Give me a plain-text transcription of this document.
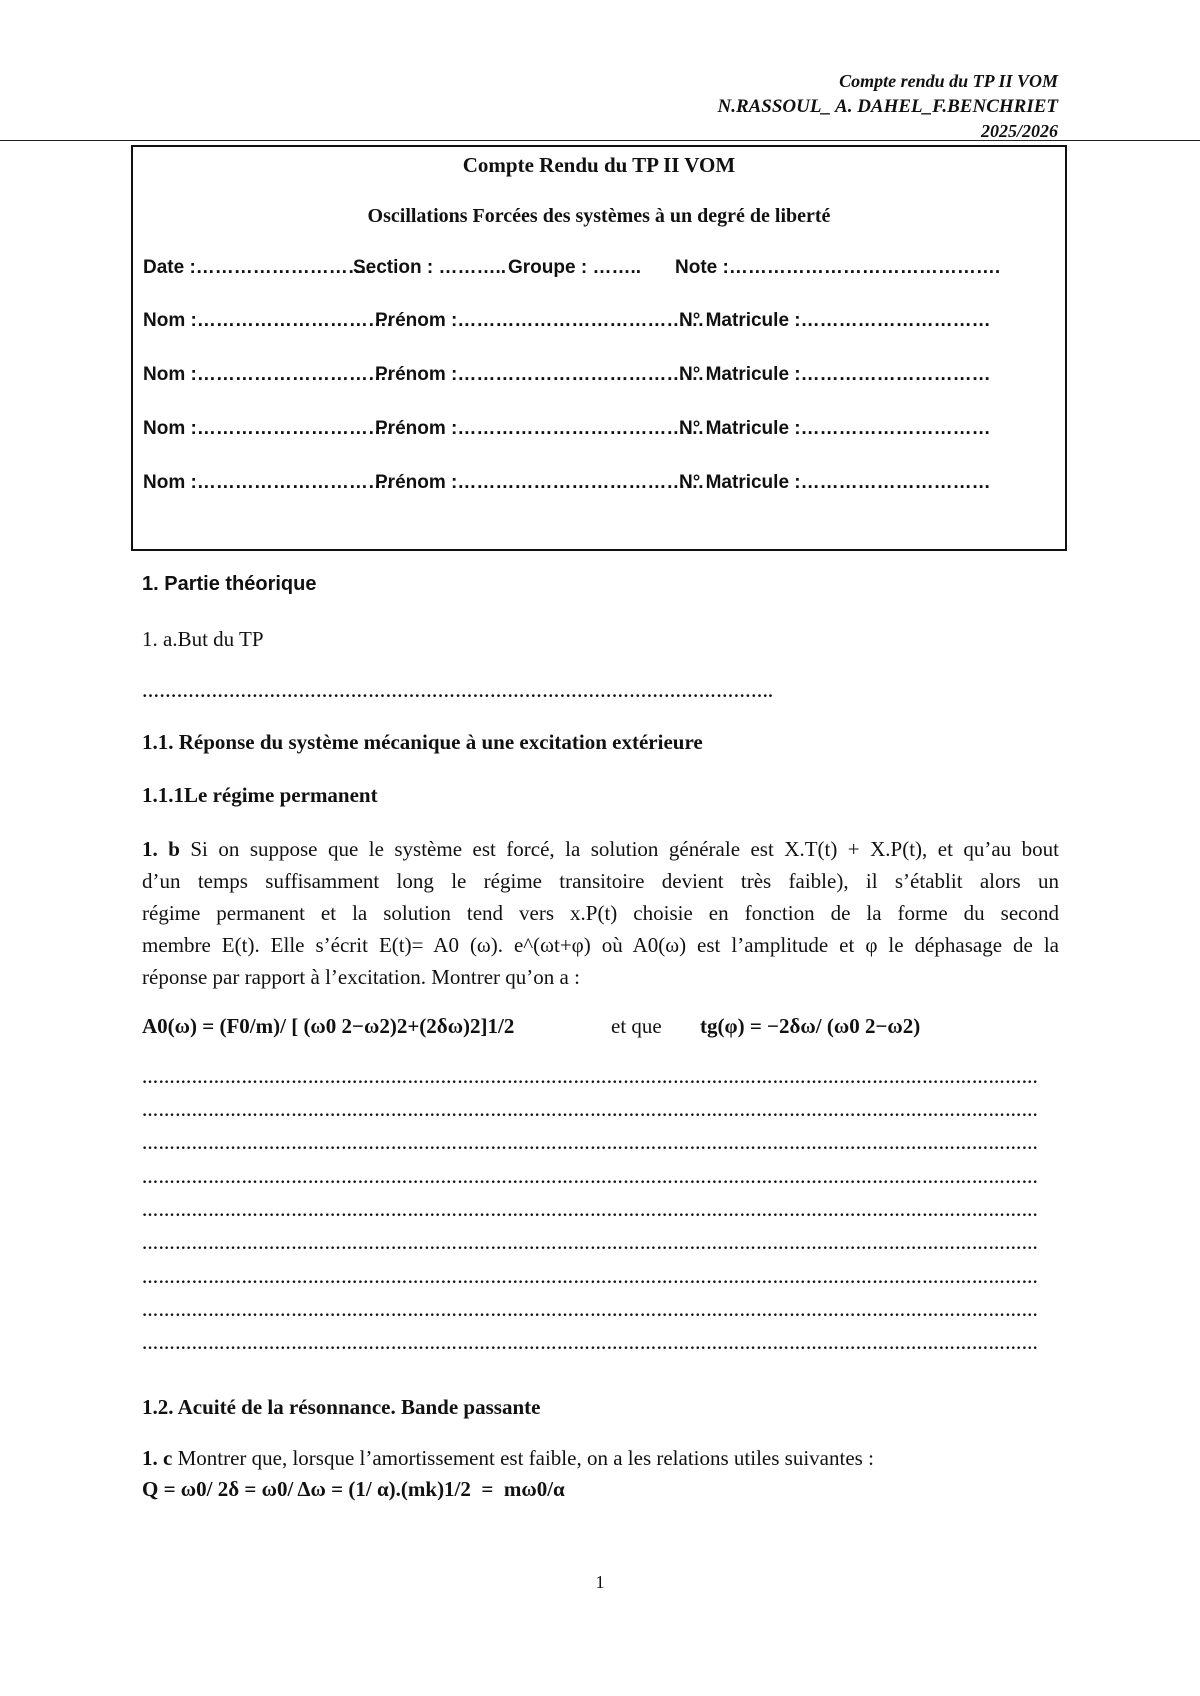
Compte rendu du TP II VOM
N.RASSOUL_ A. DAHEL_F.BENCHRIET
2025/2026
Compte Rendu du TP II VOM
Oscillations Forcées des systèmes à un degré de liberté

Date :……………………….

Section : ………..

Groupe : ……..

Note :…………………………………….

Nom :………………………….

Prénom :…………………………………

N° Matricule :…………………………

Nom :………………………….

Prénom :…………………………………

N° Matricule :…………………………

Nom :………………………….

Prénom :…………………………………

N° Matricule :…………………………

Nom :………………………….

Prénom :…………………………………

N° Matricule :…………………………

1. Partie théorique
1. a.But du TP
……………………………………………………………………………………………….
1.1. Réponse du système mécanique à une excitation extérieure
1.1.1Le régime permanent
1. b Si on suppose que le système est forcé, la solution générale est X.T(t) + X.P(t), et qu’au bout
d’un temps suffisamment long le régime transitoire devient très faible), il s’établit alors un
régime permanent et la solution tend vers x.P(t) choisie en fonction de la forme du second
membre E(t). Elle s’écrit E(t)= A0 (ω). e^(ωt+φ) où A0(ω) est l’amplitude et φ le déphasage de la
réponse par rapport à l’excitation. Montrer qu’on a :
A0(ω) = (F0/m)/ [ (ω0 2−ω2)2+(2δω)2]1/2	et que tg(φ) = −2δω/ (ω0 2−ω2)
………………………………………………………………………………………………………………………………………………
………………………………………………………………………………………………………………………………………………
………………………………………………………………………………………………………………………………………………
………………………………………………………………………………………………………………………………………………
………………………………………………………………………………………………………………………………………………
………………………………………………………………………………………………………………………………………………
………………………………………………………………………………………………………………………………………………
………………………………………………………………………………………………………………………………………………
………………………………………………………………………………………………………………………………………………
1.2. Acuité de la résonnance. Bande passante
1. c Montrer que, lorsque l’amortissement est faible, on a les relations utiles suivantes :
Q = ω0/ 2δ = ω0/ Δω = (1/ α).(mk)1/2  =  mω0/α
1
